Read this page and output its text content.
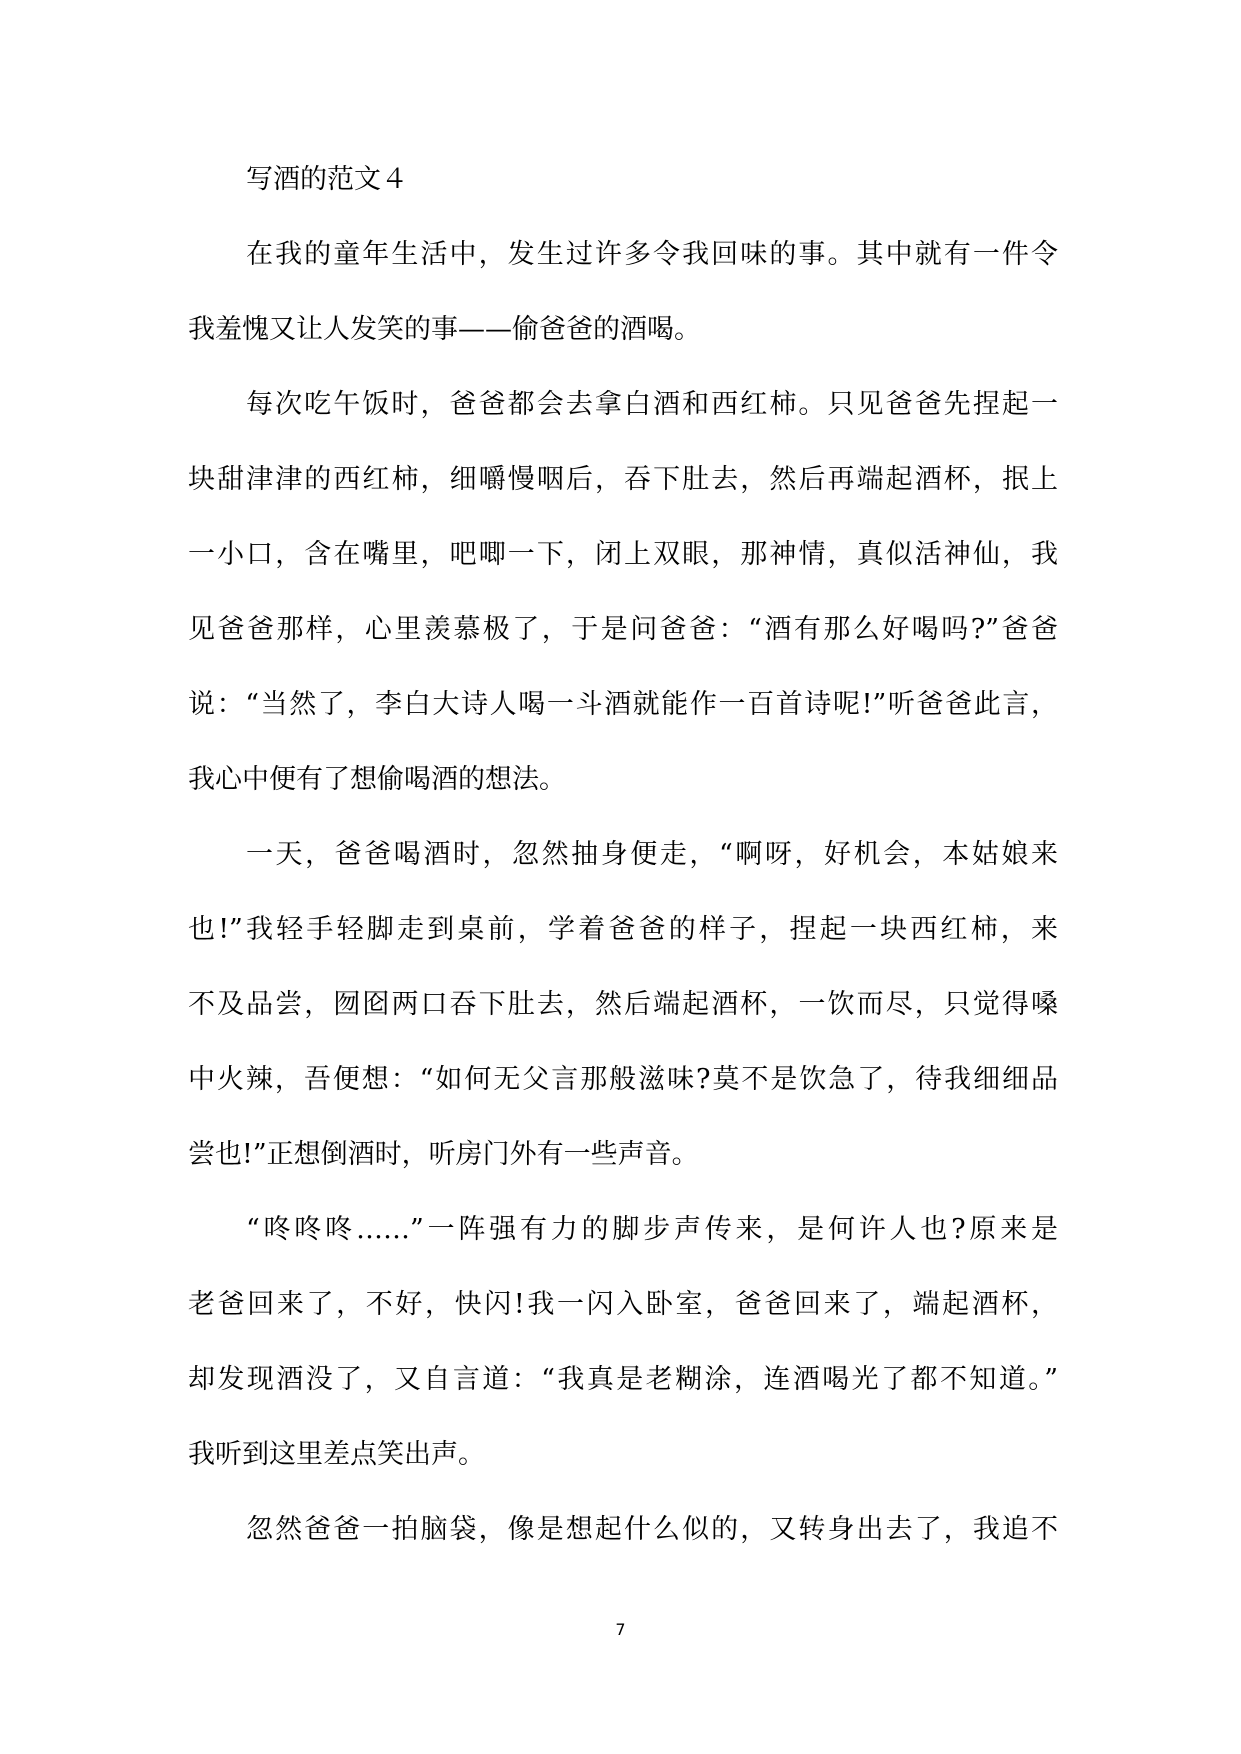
写酒的范文４
在我的童年生活中，发生过许多令我回味的事。其中就有一件令
我羞愧又让人发笑的事——偷爸爸的酒喝。
每次吃午饭时，爸爸都会去拿白酒和西红柿。只见爸爸先捏起一
块甜津津的西红柿，细嚼慢咽后，吞下肚去，然后再端起酒杯，抿上
一小口，含在嘴里，吧唧一下，闭上双眼，那神情，真似活神仙，我
见爸爸那样，心里羡慕极了，于是问爸爸：“酒有那么好喝吗?”爸爸
说：“当然了，李白大诗人喝一斗酒就能作一百首诗呢!”听爸爸此言，
我心中便有了想偷喝酒的想法。
一天，爸爸喝酒时，忽然抽身便走，“啊呀，好机会，本姑娘来
也!”我轻手轻脚走到桌前，学着爸爸的样子，捏起一块西红柿，来
不及品尝，囫囵两口吞下肚去，然后端起酒杯，一饮而尽，只觉得嗓
中火辣，吾便想：“如何无父言那般滋味?莫不是饮急了，待我细细品
尝也!”正想倒酒时，听房门外有一些声音。
“咚咚咚……”一阵强有力的脚步声传来，是何许人也?原来是
老爸回来了，不好，快闪!我一闪入卧室，爸爸回来了，端起酒杯，
却发现酒没了，又自言道：“我真是老糊涂，连酒喝光了都不知道。”
我听到这里差点笑出声。
忽然爸爸一拍脑袋，像是想起什么似的，又转身出去了，我追不
7
